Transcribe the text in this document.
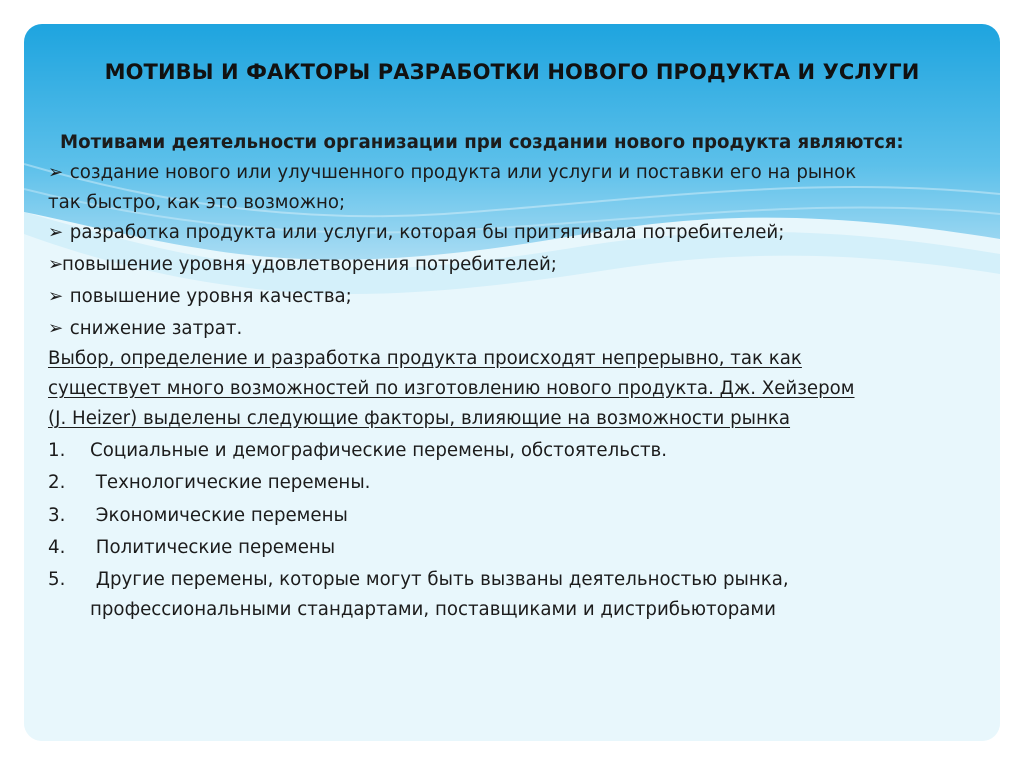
МОТИВЫ И ФАКТОРЫ РАЗРАБОТКИ НОВОГО ПРОДУКТА И УСЛУГИ
Мотивами деятельности организации при создании нового продукта являются:
➢ создание нового или улучшенного продукта или услуги и поставки его на рынок
так быстро, как это возможно;
➢ разработка продукта или услуги, которая бы притягивала потребителей;
➢повышение уровня удовлетворения потребителей;
➢ повышение уровня качества;
➢ снижение затрат.
Выбор, определение и разработка продукта происходят непрерывно, так как
существует много возможностей по изготовлению нового продукта. Дж. Хейзером
(J. Heizer) выделены следующие факторы, влияющие на возможности рынка
1. Социальные и демографические перемены, обстоятельств.
2. Технологические перемены.
3. Экономические перемены
4. Политические перемены
5. Другие перемены, которые могут быть вызваны деятельностью рынка,
профессиональными стандартами, поставщиками и дистрибьюторами
